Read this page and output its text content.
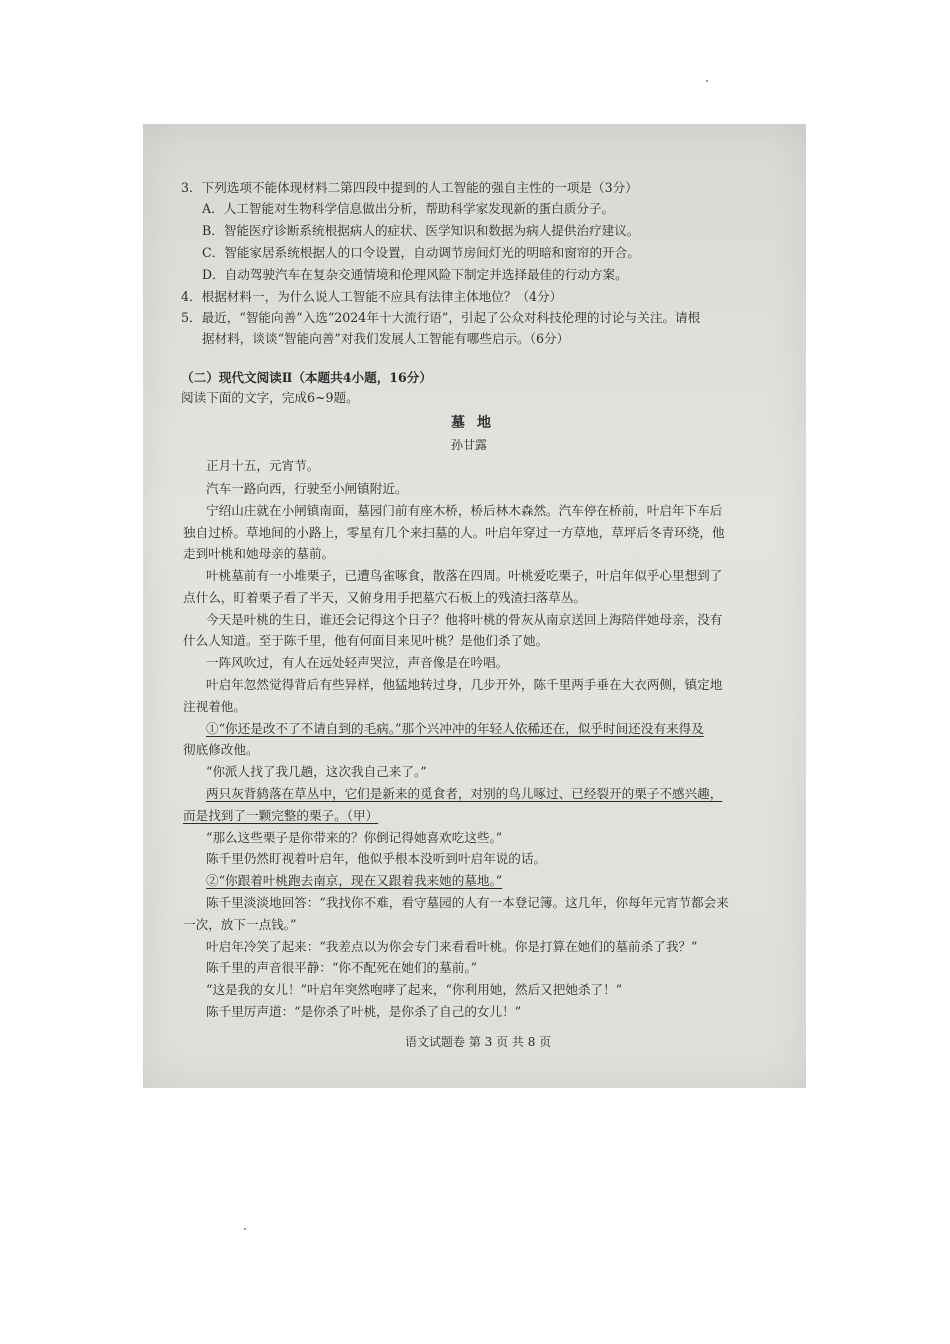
3．下列选项不能体现材料二第四段中提到的人工智能的强自主性的一项是（3分）
A．人工智能对生物科学信息做出分析，帮助科学家发现新的蛋白质分子。
B．智能医疗诊断系统根据病人的症状、医学知识和数据为病人提供治疗建议。
C．智能家居系统根据人的口令设置，自动调节房间灯光的明暗和窗帘的开合。
D．自动驾驶汽车在复杂交通情境和伦理风险下制定并选择最佳的行动方案。
4．根据材料一，为什么说人工智能不应具有法律主体地位？（4分）
5．最近，“智能向善”入选“2024年十大流行语”，引起了公众对科技伦理的讨论与关注。请根
据材料，谈谈“智能向善”对我们发展人工智能有哪些启示。（6分）
（二）现代文阅读Ⅱ（本题共4小题，16分）
阅读下面的文字，完成6~9题。
墓地
孙甘露
正月十五，元宵节。
汽车一路向西，行驶至小闸镇附近。
宁绍山庄就在小闸镇南面，墓园门前有座木桥，桥后林木森然。汽车停在桥前，叶启年下车后
独自过桥。草地间的小路上，零星有几个来扫墓的人。叶启年穿过一方草地，草坪后冬青环绕，他
走到叶桃和她母亲的墓前。
叶桃墓前有一小堆栗子，已遭鸟雀啄食，散落在四周。叶桃爱吃栗子，叶启年似乎心里想到了
点什么，盯着栗子看了半天，又俯身用手把墓穴石板上的残渣扫落草丛。
今天是叶桃的生日，谁还会记得这个日子？他将叶桃的骨灰从南京送回上海陪伴她母亲，没有
什么人知道。至于陈千里，他有何面目来见叶桃？是他们杀了她。
一阵风吹过，有人在远处轻声哭泣，声音像是在吟唱。
叶启年忽然觉得背后有些异样，他猛地转过身，几步开外，陈千里两手垂在大衣两侧，镇定地
注视着他。
①“你还是改不了不请自到的毛病。”那个兴冲冲的年轻人依稀还在，似乎时间还没有来得及
彻底修改他。
“你派人找了我几趟，这次我自己来了。”
两只灰背鸫落在草丛中，它们是新来的觅食者，对别的鸟儿啄过、已经裂开的栗子不感兴趣，
而是找到了一颗完整的栗子。（甲）
“那么这些栗子是你带来的？你倒记得她喜欢吃这些。”
陈千里仍然盯视着叶启年，他似乎根本没听到叶启年说的话。
②“你跟着叶桃跑去南京，现在又跟着我来她的墓地。”
陈千里淡淡地回答：“我找你不难，看守墓园的人有一本登记簿。这几年，你每年元宵节都会来
一次，放下一点钱。”
叶启年冷笑了起来：“我差点以为你会专门来看看叶桃。你是打算在她们的墓前杀了我？”
陈千里的声音很平静：“你不配死在她们的墓前。”
“这是我的女儿！”叶启年突然咆哮了起来，“你利用她，然后又把她杀了！”
陈千里厉声道：“是你杀了叶桃，是你杀了自己的女儿！”
语文试题卷 第 3 页 共 8 页
